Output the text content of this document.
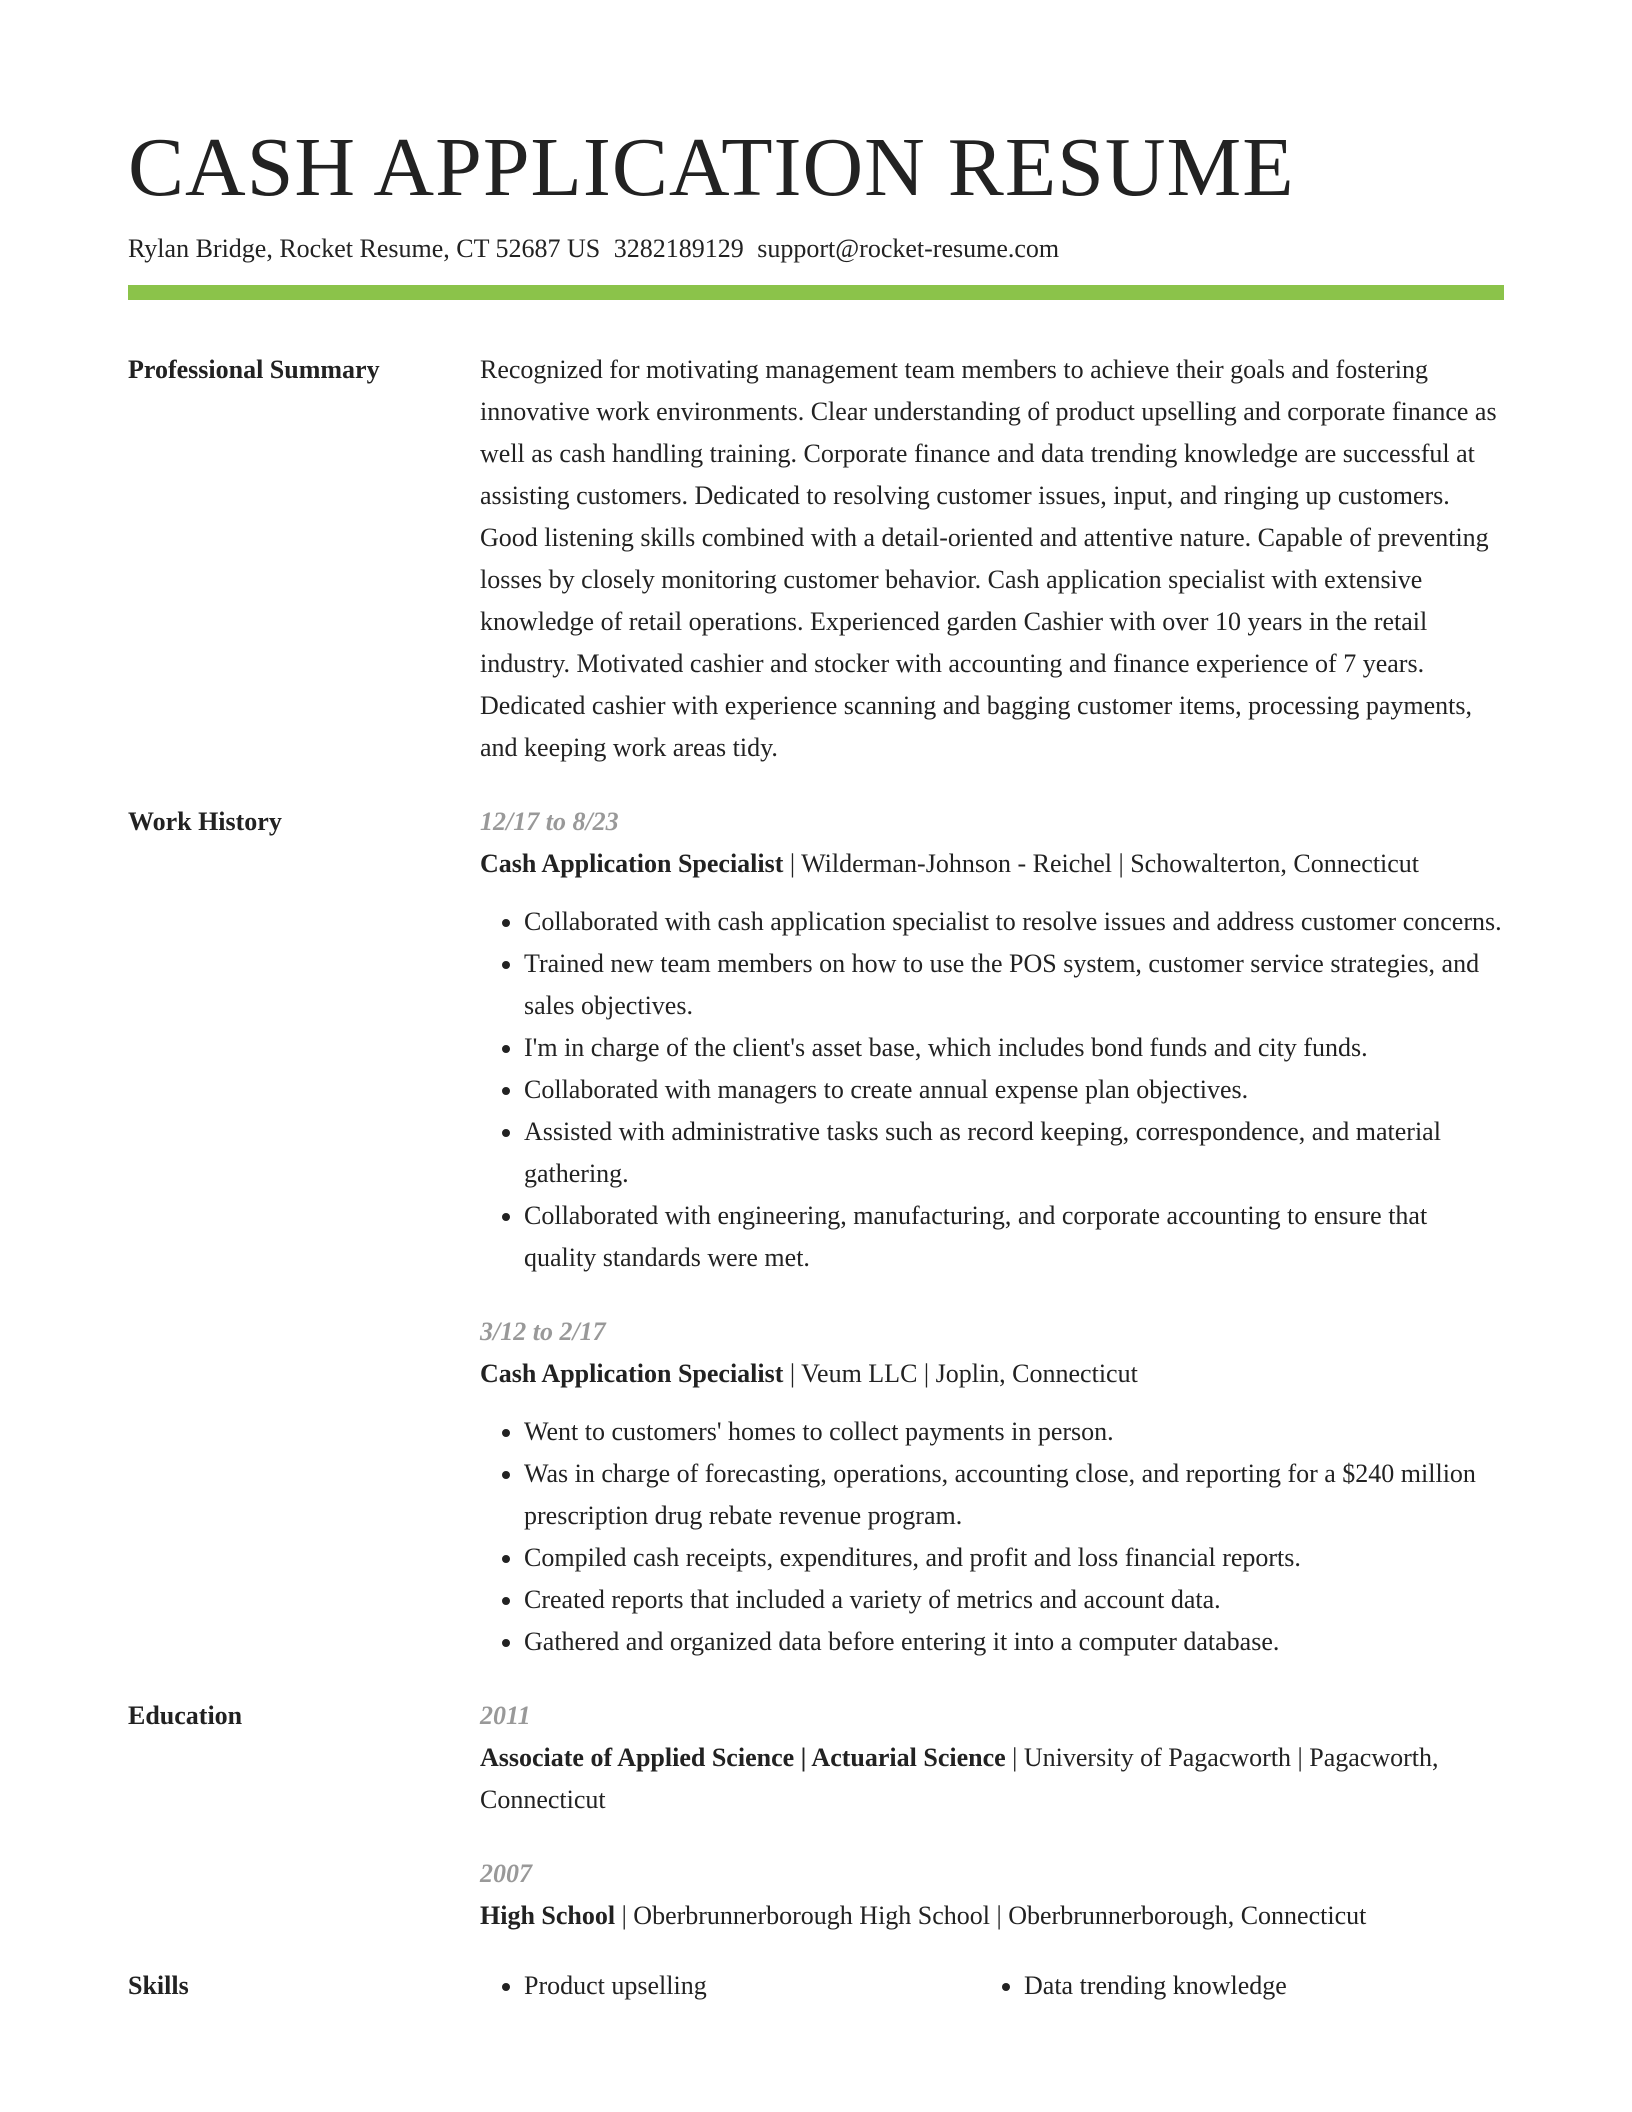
CASH APPLICATION RESUME
Rylan Bridge, Rocket Resume, CT 52687 US 3282189129 support@rocket-resume.com
Professional Summary	Recognized for motivating management team members to achieve their goals and fostering innovative work environments. Clear understanding of product upselling and corporate finance as well as cash handling training. Corporate finance and data trending knowledge are successful at assisting customers. Dedicated to resolving customer issues, input, and ringing up customers. Good listening skills combined with a detail-oriented and attentive nature. Capable of preventing losses by closely monitoring customer behavior. Cash application specialist with extensive knowledge of retail operations. Experienced garden Cashier with over 10 years in the retail industry. Motivated cashier and stocker with accounting and finance experience of 7 years. Dedicated cashier with experience scanning and bagging customer items, processing payments, and keeping work areas tidy.

Work History	12/17 to 8/23
Cash Application Specialist | Wilderman-Johnson - Reichel | Schowalterton, Connecticut
• Collaborated with cash application specialist to resolve issues and address customer concerns.
• Trained new team members on how to use the POS system, customer service strategies, and sales objectives.
• I'm in charge of the client's asset base, which includes bond funds and city funds.
• Collaborated with managers to create annual expense plan objectives.
• Assisted with administrative tasks such as record keeping, correspondence, and material gathering.
• Collaborated with engineering, manufacturing, and corporate accounting to ensure that quality standards were met.
3/12 to 2/17
Cash Application Specialist | Veum LLC | Joplin, Connecticut
• Went to customers' homes to collect payments in person.
• Was in charge of forecasting, operations, accounting close, and reporting for a $240 million prescription drug rebate revenue program.
• Compiled cash receipts, expenditures, and profit and loss financial reports.
• Created reports that included a variety of metrics and account data.
• Gathered and organized data before entering it into a computer database.
Education	2011
Associate of Applied Science | Actuarial Science | University of Pagacworth | Pagacworth, Connecticut
2007
High School | Oberbrunnerborough High School | Oberbrunnerborough, Connecticut
Skills	• Product upselling	• Data trending knowledge
